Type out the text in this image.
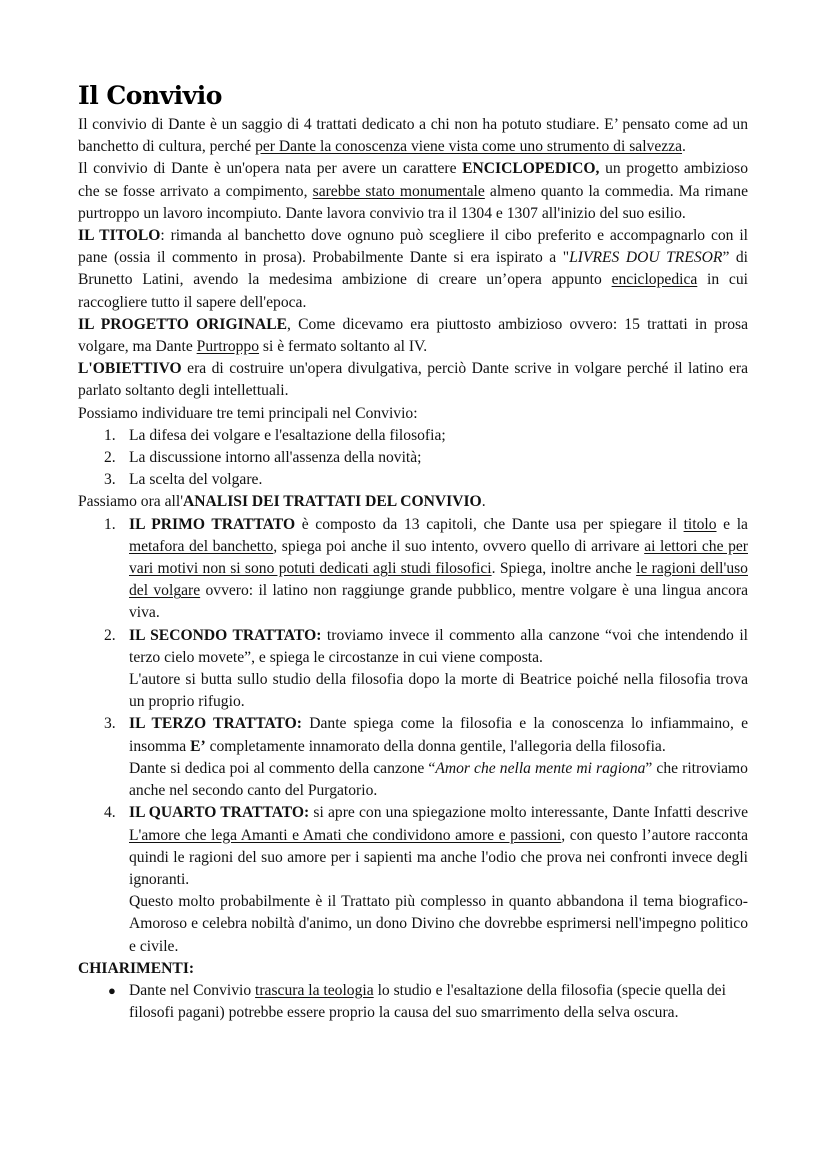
Il Convivio

Il convivio di Dante è un saggio di 4 trattati dedicato a chi non ha potuto studiare. E’ pensato come ad un banchetto di cultura, perché per Dante la conoscenza viene vista come uno strumento di salvezza.

Il convivio di Dante è un'opera nata per avere un carattere ENCICLOPEDICO, un progetto ambizioso che se fosse arrivato a compimento, sarebbe stato monumentale almeno quanto la commedia. Ma rimane purtroppo un lavoro incompiuto. Dante lavora convivio tra il 1304 e 1307 all'inizio del suo esilio.

IL TITOLO: rimanda al banchetto dove ognuno può scegliere il cibo preferito e accompagnarlo con il pane (ossia il commento in prosa). Probabilmente Dante si era ispirato a "LIVRES DOU TRESOR” di Brunetto Latini, avendo la medesima ambizione di creare un’opera appunto enciclopedica in cui raccogliere tutto il sapere dell'epoca.

IL PROGETTO ORIGINALE, Come dicevamo era piuttosto ambizioso ovvero: 15 trattati in prosa volgare, ma Dante Purtroppo si è fermato soltanto al IV.

L'OBIETTIVO era di costruire un'opera divulgativa, perciò Dante scrive in volgare perché il latino era parlato soltanto degli intellettuali.

Possiamo individuare tre temi principali nel Convivio:

1. La difesa dei volgare e l'esaltazione della filosofia;
2. La discussione intorno all'assenza della novità;
3. La scelta del volgare.

Passiamo ora all'ANALISI DEI TRATTATI DEL CONVIVIO.

1. IL PRIMO TRATTATO è composto da 13 capitoli, che Dante usa per spiegare il titolo e la metafora del banchetto, spiega poi anche il suo intento, ovvero quello di arrivare ai lettori che per vari motivi non si sono potuti dedicati agli studi filosofici. Spiega, inoltre anche le ragioni dell'uso del volgare ovvero: il latino non raggiunge grande pubblico, mentre volgare è una lingua ancora viva.

2. IL SECONDO TRATTATO: troviamo invece il commento alla canzone “voi che intendendo il terzo cielo movete”, e spiega le circostanze in cui viene composta.

L'autore si butta sullo studio della filosofia dopo la morte di Beatrice poiché nella filosofia trova un proprio rifugio.

3. IL TERZO TRATTATO: Dante spiega come la filosofia e la conoscenza lo infiammaino, e insomma E’ completamente innamorato della donna gentile, l'allegoria della filosofia.

Dante si dedica poi al commento della canzone “Amor che nella mente mi ragiona” che ritroviamo anche nel secondo canto del Purgatorio.

4. IL QUARTO TRATTATO: si apre con una spiegazione molto interessante, Dante Infatti descrive L'amore che lega Amanti e Amati che condividono amore e passioni, con questo l’autore racconta quindi le ragioni del suo amore per i sapienti ma anche l'odio che prova nei confronti invece degli ignoranti.

Questo molto probabilmente è il Trattato più complesso in quanto abbandona il tema biografico-Amoroso e celebra nobiltà d'animo, un dono Divino che dovrebbe esprimersi nell'impegno politico e civile.

CHIARIMENTI:

● Dante nel Convivio trascura la teologia lo studio e l'esaltazione della filosofia (specie quella dei filosofi pagani) potrebbe essere proprio la causa del suo smarrimento della selva oscura.
